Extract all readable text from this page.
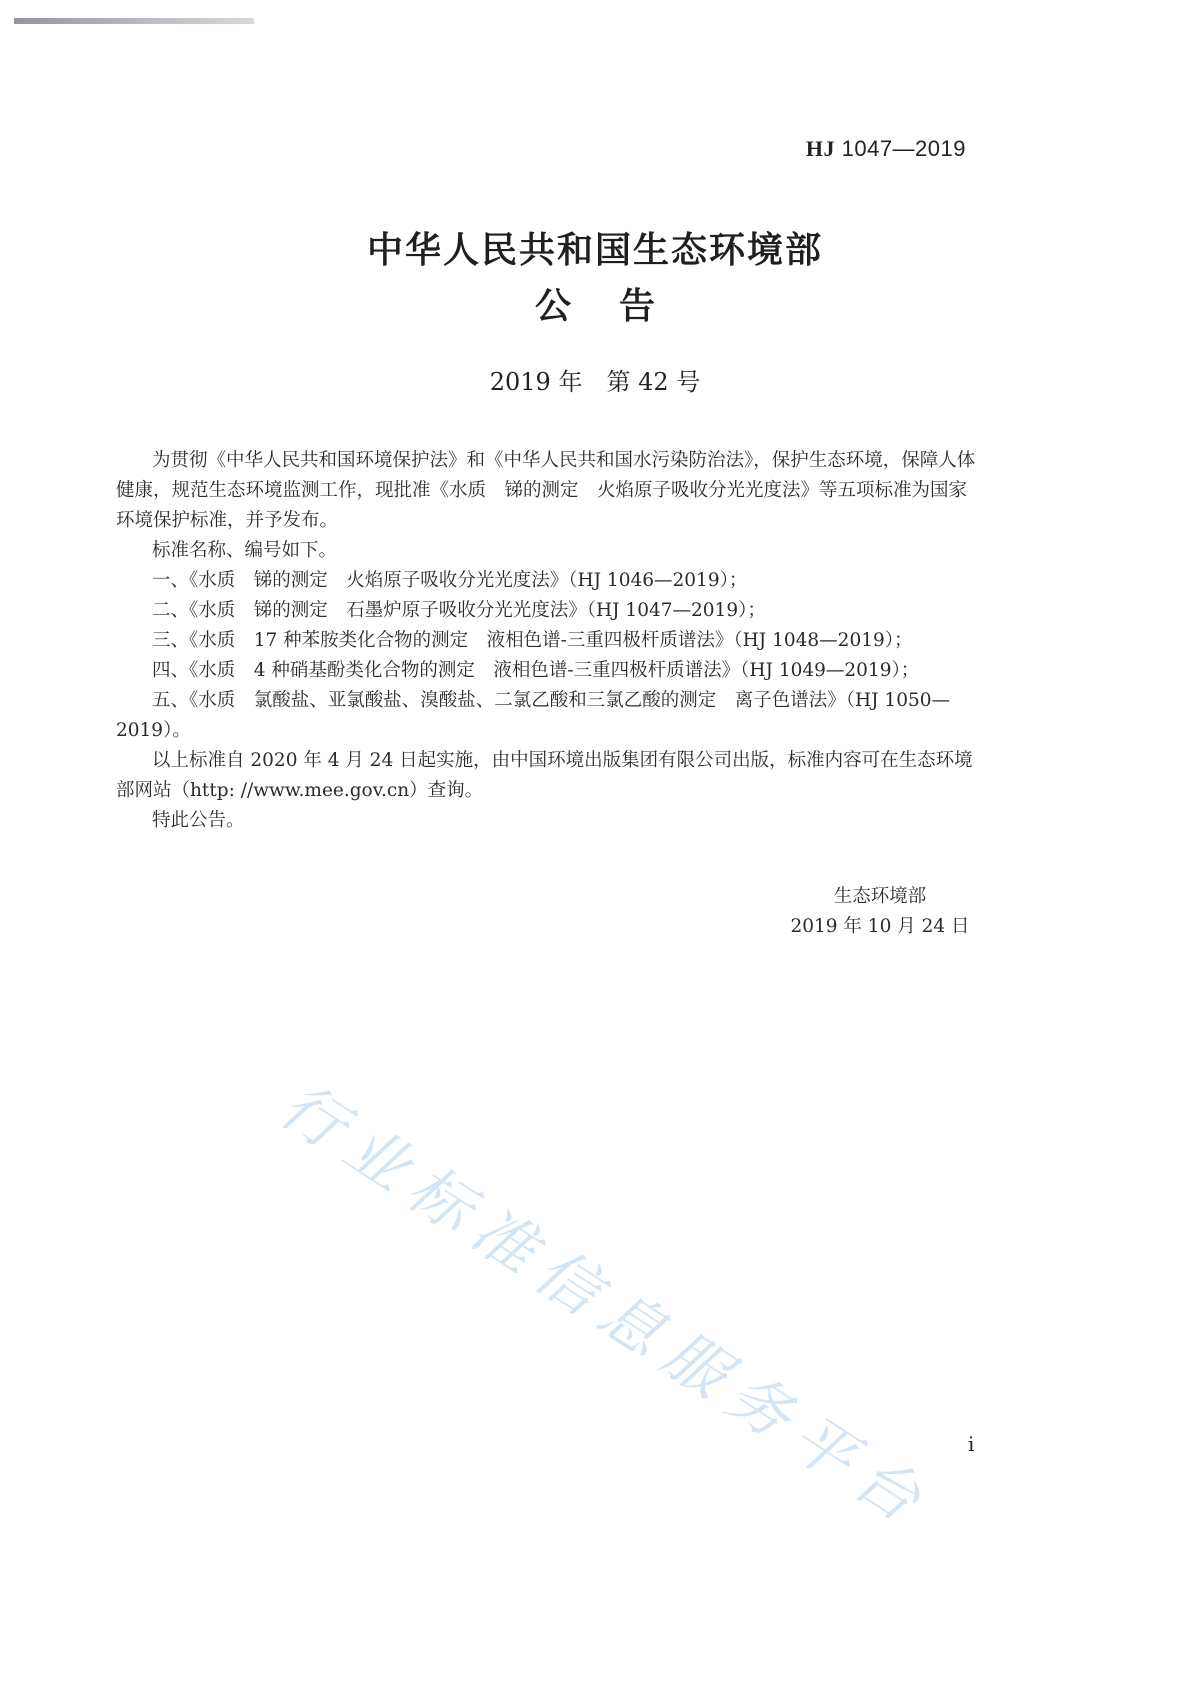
HJ 1047—2019
中华人民共和国生态环境部
公告
2019 年　第 42 号

为贯彻《中华人民共和国环境保护法》和《中华人民共和国水污染防治法》，保护生态环境，保障人体健康，规范生态环境监测工作，现批准《水质　锑的测定　火焰原子吸收分光光度法》等五项标准为国家环境保护标准，并予发布。

标准名称、编号如下。

一、《水质　锑的测定　火焰原子吸收分光光度法》（HJ 1046—2019）；

二、《水质　锑的测定　石墨炉原子吸收分光光度法》（HJ 1047—2019）；

三、《水质　17 种苯胺类化合物的测定　液相色谱-三重四极杆质谱法》（HJ 1048—2019）；

四、《水质　4 种硝基酚类化合物的测定　液相色谱-三重四极杆质谱法》（HJ 1049—2019）；

五、《水质　氯酸盐、亚氯酸盐、溴酸盐、二氯乙酸和三氯乙酸的测定　离子色谱法》（HJ 1050—2019）。

以上标准自 2020 年 4 月 24 日起实施，由中国环境出版集团有限公司出版，标准内容可在生态环境部网站（http: //www.mee.gov.cn）查询。

特此公告。

生态环境部
2019 年 10 月 24 日
行业标准信息服务平台	i
